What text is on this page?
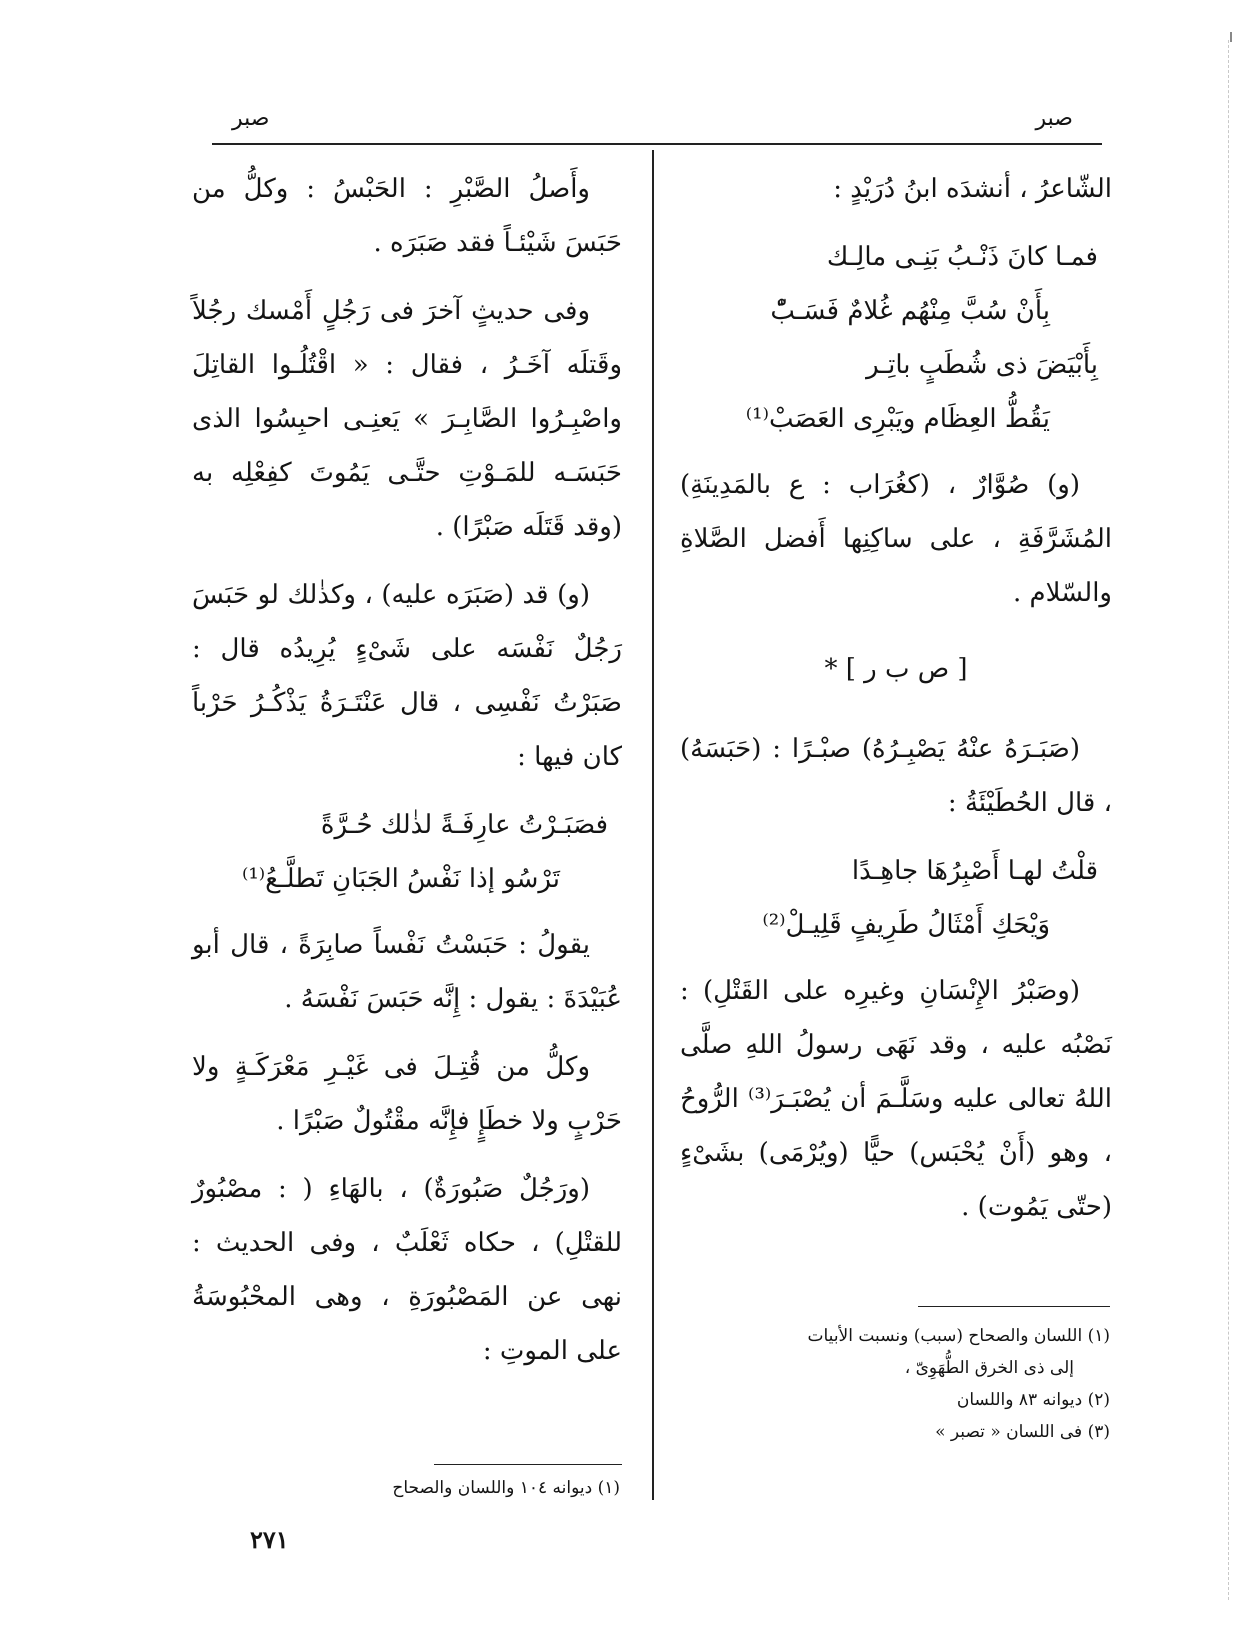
صبر
صبر

الشّاعرُ ، أنشدَه ابنُ دُرَيْدٍ :

فمـا كانَ ذَنْـبُ بَنِـى مالِـك
بِأَنْ سُبَّ مِنْهُم غُلامٌ فَسَـبّْ
بِأَبْيَضَ ذى شُطَبٍ باتِـر
يَقُطُّ العِظَام ويَبْرِى العَصَبْ⁽¹⁾

(و) صُوَّارٌ ، (كغُرَاب : ع بالمَدِينَةِ) المُشَرَّفَةِ ، على ساكِنِها أَفضل الصَّلاةِ والسّلام .

[ ص ب ر ] *

(صَبَـرَهُ عنْهُ يَصْبِـرُهُ) صبْـرًا : (حَبَسَهُ) ، قال الحُطَيْئَةُ :

قلْتُ لهـا أَصْبِرُهَا جاهِـدًا
وَيْحَكِ أَمْثَالُ طَرِيفٍ قَلِيـلْ⁽²⁾

(وصَبْرُ الإِنْسَانِ وغيرِه على القَتْلِ) : نَصْبُه عليه ، وقد نَهَى رسولُ اللهِ صلَّى اللهُ تعالى عليه وسَلَّـمَ أن يُصْبَـرَ⁽³⁾ الرُّوحُ ، وهو (أَنْ يُحْبَس) حيًّا (ويُرْمَى) بشَىْءٍ (حتّى يَمُوت) .

وأَصلُ الصَّبْرِ : الحَبْسُ : وكلُّ من حَبَسَ شَيْئـاً فقد صَبَرَه .

وفى حديثٍ آخرَ فى رَجُلٍ أَمْسك رجُلاً وقَتلَه آخَـرُ ، فقال : « اقْتُلُـوا القاتِلَ واصْبِـرُوا الصَّابِـرَ » يَعنِـى احبِسُوا الذى حَبَسَـه للمَـوْتِ حتَّـى يَمُوتَ كفِعْلِه به (وقد قَتَلَه صَبْرًا) .

(و) قد (صَبَرَه عليه) ، وكذٰلك لو حَبَسَ رَجُلٌ نَفْسَه على شَىْءٍ يُرِيدُه قال : صَبَرْتُ نَفْسِى ، قال عَنْتَـرَةُ يَذْكُـرُ حَرْباً كان فيها :

فصَبَـرْتُ عارِفَـةً لذٰلك حُـرَّةً
تَرْسُو إذا نَفْسُ الجَبَانِ تَطلَّـعُ⁽¹⁾

يقولُ : حَبَسْتُ نَفْساً صابِرَةً ، قال أبو عُبَيْدَةَ : يقول : إِنَّه حَبَسَ نَفْسَهُ .

وكلُّ من قُتِـلَ فى غَيْـرِ مَعْرَكَـةٍ ولا حَرْبٍ ولا خطَإٍ فإِنَّه مقْتُولٌ صَبْرًا .

(ورَجُلٌ صَبُورَةٌ) ، بالهَاءِ ( : مصْبُورٌ للقتْلِ) ، حكاه ثَعْلَبٌ ، وفى الحديث : نهى عن المَصْبُورَةِ ، وهى المحْبُوسَةُ على الموتِ :	(١) اللسان والصحاح (سبب) ونسبت الأبيات
إلى ذى الخرق الطُّهَوِىّ ،
(٢) ديوانه ٨٣ واللسان
(٣) فى اللسان « تصبر »
(١) ديوانه ١٠٤ واللسان والصحاح
٢٧١
